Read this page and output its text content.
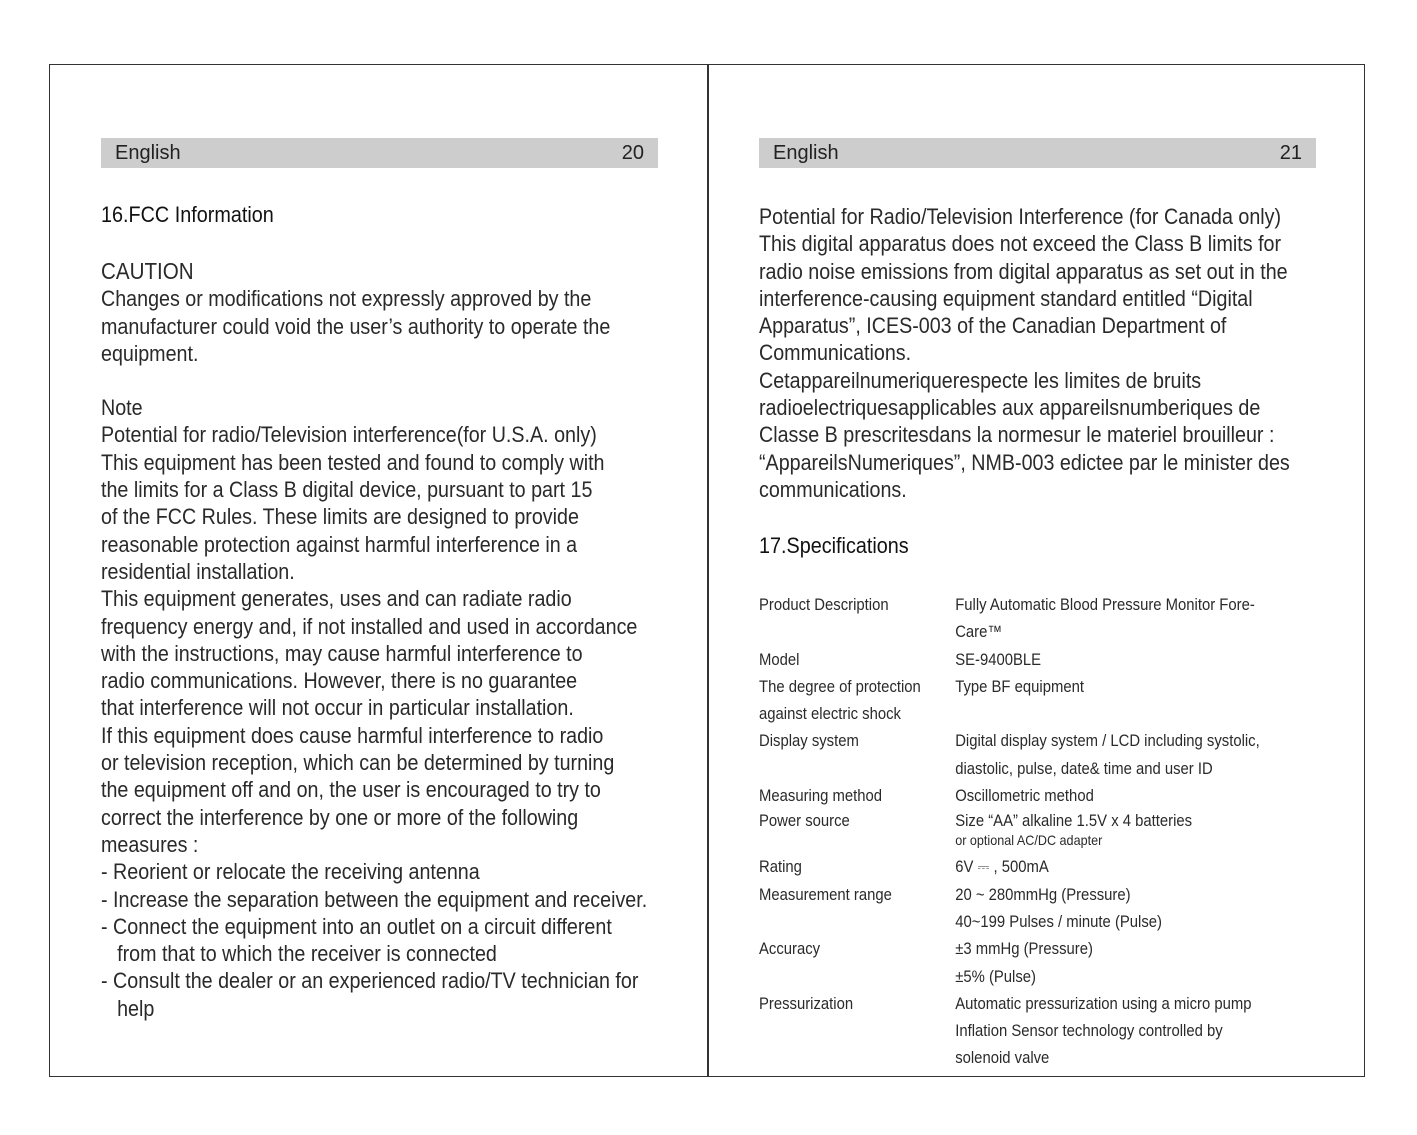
English	20
16.FCC Information

CAUTION

Changes or modifications not expressly approved by the

manufacturer could void the user’s authority to operate the

equipment.

Note

Potential for radio/Television interference(for U.S.A. only)

This equipment has been tested and found to comply with

the limits for a Class B digital device, pursuant to part 15

of the FCC Rules. These limits are designed to provide

reasonable protection against harmful interference in a

residential installation.

This equipment generates, uses and can radiate radio

frequency energy and, if not installed and used in accordance

with the instructions, may cause harmful interference to

radio communications. However, there is no guarantee

that interference will not occur in particular installation.

If this equipment does cause harmful interference to radio

or television reception, which can be determined by turning

the equipment off and on, the user is encouraged to try to

correct the interference by one or more of the following

measures :

- Reorient or relocate the receiving antenna

- Increase the separation between the equipment and receiver.

- Connect the equipment into an outlet on a circuit different

from that to which the receiver is connected

- Consult the dealer or an experienced radio/TV technician for

help

English	21

Potential for Radio/Television Interference (for Canada only)

This digital apparatus does not exceed the Class B limits for

radio noise emissions from digital apparatus as set out in the

interference-causing equipment standard entitled “Digital

Apparatus”, ICES-003 of the Canadian Department of

Communications.

Cetappareilnumeriquerespecte les limites de bruits

radioelectriquesapplicables aux appareilsnumberiques de

Classe B prescritesdans la normesur le materiel brouilleur :

“AppareilsNumeriques”, NMB-003 edictee par le minister des

communications.

17.Specifications
Product Description	Fully Automatic Blood Pressure Monitor Fore-Care™
Model	SE-9400BLE
The degree of protection	Type BF equipment
against electric shock
Display system	Digital display system / LCD including systolic,
diastolic, pulse, date& time and user ID
Measuring method	Oscillometric method
Power source	Size “AA” alkaline 1.5V x 4 batteries
or optional AC/DC adapter
Rating	6V ⎓ , 500mA
Measurement range	20 ~ 280mmHg (Pressure)
40~199 Pulses / minute (Pulse)
Accuracy	±3 mmHg (Pressure)
±5% (Pulse)
Pressurization	Automatic pressurization using a micro pump
Inflation Sensor technology controlled by
solenoid valve
